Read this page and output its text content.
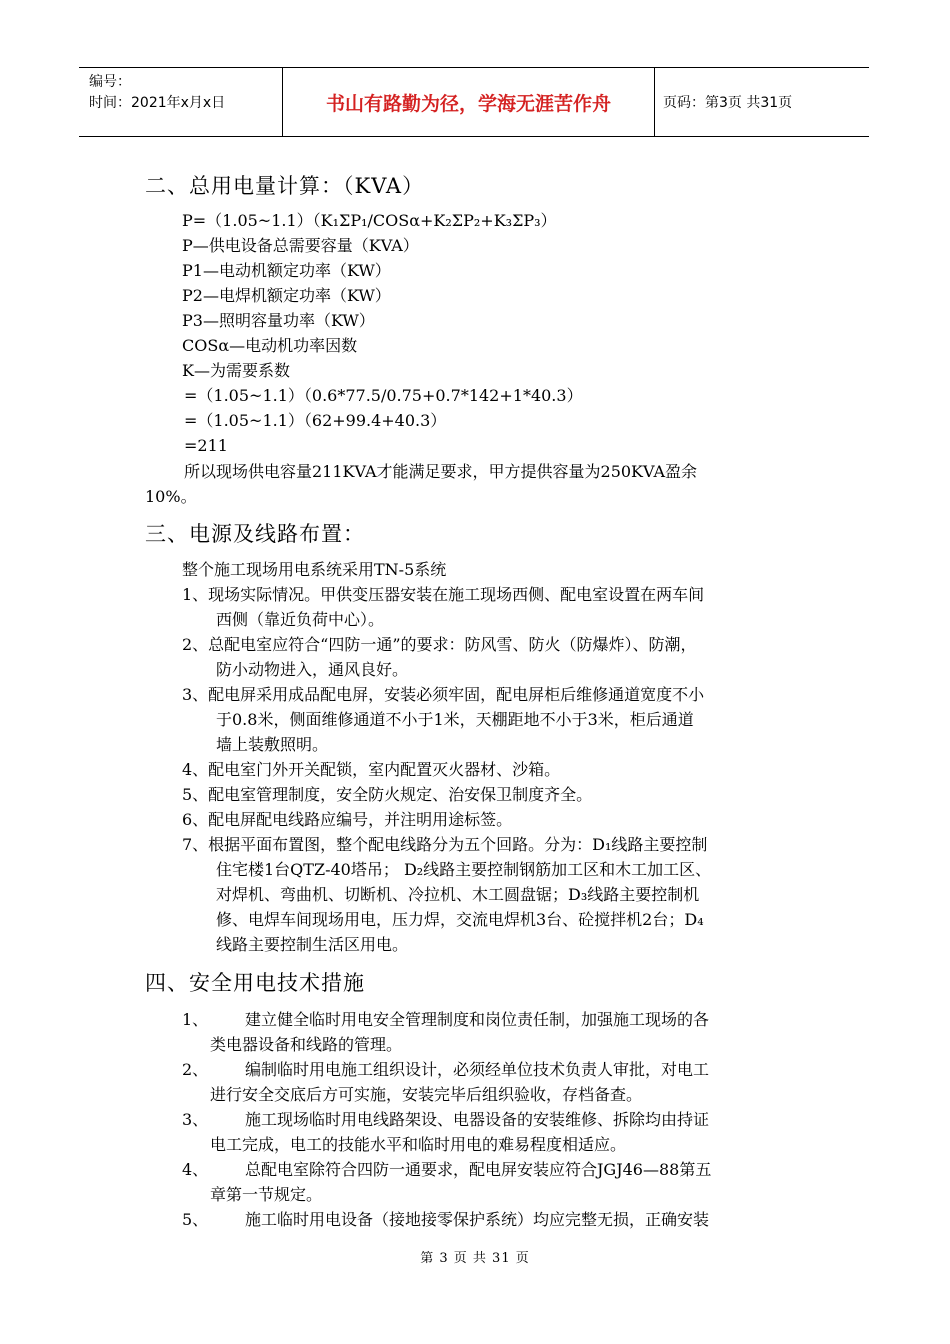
编号：
时间：2021年x月x日	书山有路勤为径，学海无涯苦作舟	页码：第3页 共31页
二、总用电量计算：（KVA）
P=（1.05~1.1）（K₁ΣP₁/COSα+K₂ΣP₂+K₃ΣP₃）
P—供电设备总需要容量（KVA）
P1—电动机额定功率（KW）
P2—电焊机额定功率（KW）
P3—照明容量功率（KW）
COSα—电动机功率因数
K—为需要系数
=（1.05~1.1）（0.6*77.5/0.75+0.7*142+1*40.3）
=（1.05~1.1）（62+99.4+40.3）
=211
所以现场供电容量211KVA才能满足要求，甲方提供容量为250KVA盈余
10%。
三、电源及线路布置：
整个施工现场用电系统采用TN-5系统
1、现场实际情况。甲供变压器安装在施工现场西侧、配电室设置在两车间
西侧（靠近负荷中心）。
2、总配电室应符合“四防一通”的要求：防风雪、防火（防爆炸）、防潮，
防小动物进入，通风良好。
3、配电屏采用成品配电屏，安装必须牢固，配电屏柜后维修通道宽度不小
于0.8米，侧面维修通道不小于1米，天棚距地不小于3米，柜后通道
墙上装敷照明。
4、配电室门外开关配锁，室内配置灭火器材、沙箱。
5、配电室管理制度，安全防火规定、治安保卫制度齐全。
6、配电屏配电线路应编号，并注明用途标签。
7、根据平面布置图，整个配电线路分为五个回路。分为：D₁线路主要控制
住宅楼1台QTZ-40塔吊； D₂线路主要控制钢筋加工区和木工加工区、
对焊机、弯曲机、切断机、冷拉机、木工圆盘锯；D₃线路主要控制机
修、电焊车间现场用电，压力焊，交流电焊机3台、砼搅拌机2台；D₄
线路主要控制生活区用电。
四、安全用电技术措施
1、 建立健全临时用电安全管理制度和岗位责任制，加强施工现场的各
类电器设备和线路的管理。
2、 编制临时用电施工组织设计，必须经单位技术负责人审批，对电工
进行安全交底后方可实施，安装完毕后组织验收，存档备查。
3、 施工现场临时用电线路架设、电器设备的安装维修、拆除均由持证
电工完成，电工的技能水平和临时用电的难易程度相适应。
4、 总配电室除符合四防一通要求，配电屏安装应符合JGJ46—88第五
章第一节规定。
5、 施工临时用电设备（接地接零保护系统）均应完整无损，正确安装
第 3 页 共 31 页
